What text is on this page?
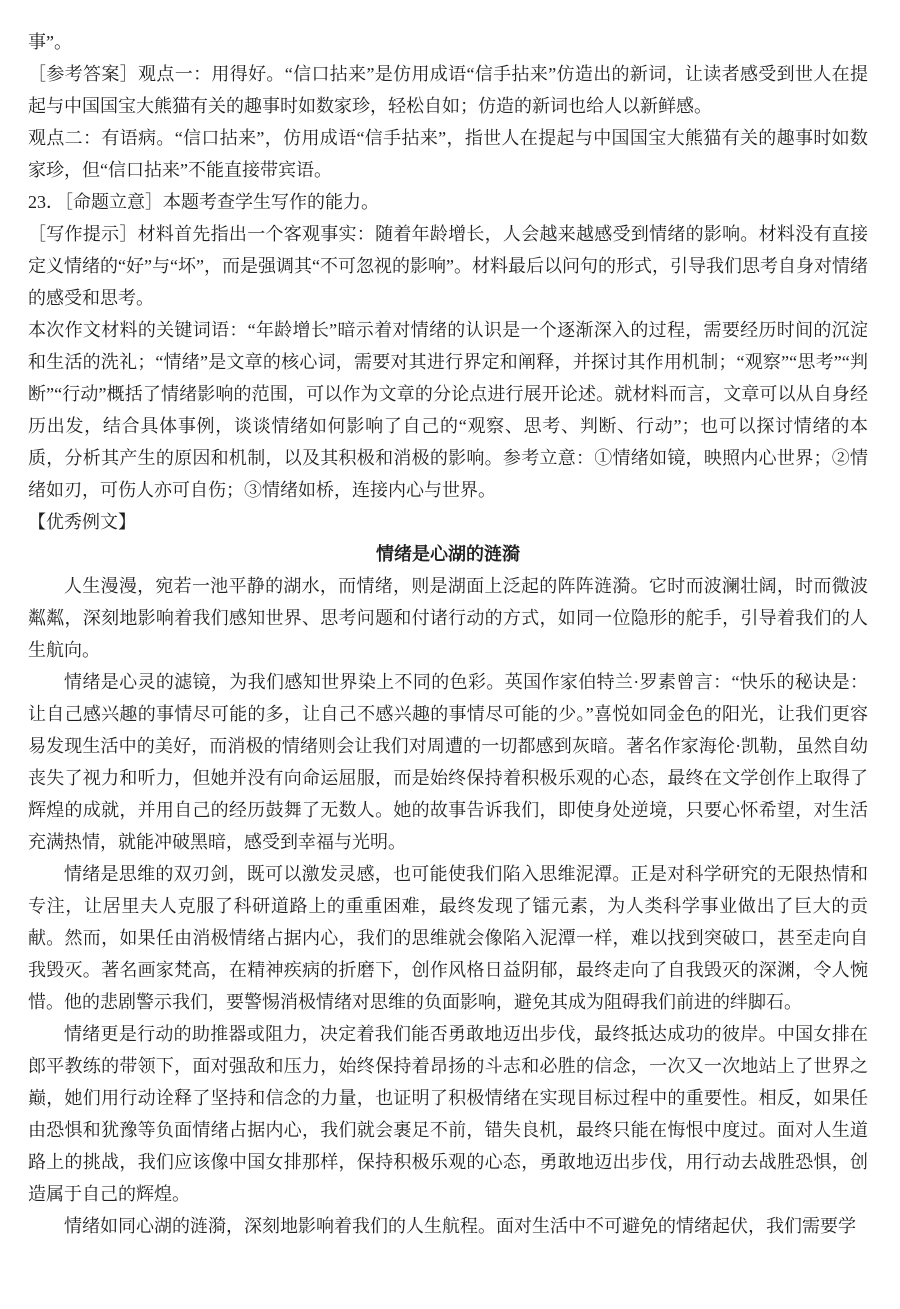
事”。

［参考答案］观点一：用得好。“信口拈来”是仿用成语“信手拈来”仿造出的新词，让读者感受到世人在提起与中国国宝大熊猫有关的趣事时如数家珍，轻松自如；仿造的新词也给人以新鲜感。

观点二：有语病。“信口拈来”，仿用成语“信手拈来”，指世人在提起与中国国宝大熊猫有关的趣事时如数家珍，但“信口拈来”不能直接带宾语。

23．［命题立意］本题考查学生写作的能力。

［写作提示］材料首先指出一个客观事实：随着年龄增长，人会越来越感受到情绪的影响。材料没有直接定义情绪的“好”与“坏”，而是强调其“不可忽视的影响”。材料最后以问句的形式，引导我们思考自身对情绪的感受和思考。

本次作文材料的关键词语：“年龄增长”暗示着对情绪的认识是一个逐渐深入的过程，需要经历时间的沉淀和生活的洗礼；“情绪”是文章的核心词，需要对其进行界定和阐释，并探讨其作用机制；“观察”“思考”“判断”“行动”概括了情绪影响的范围，可以作为文章的分论点进行展开论述。就材料而言，文章可以从自身经历出发，结合具体事例，谈谈情绪如何影响了自己的“观察、思考、判断、行动”；也可以探讨情绪的本质，分析其产生的原因和机制，以及其积极和消极的影响。参考立意：①情绪如镜，映照内心世界；②情绪如刃，可伤人亦可自伤；③情绪如桥，连接内心与世界。

【优秀例文】

情绪是心湖的涟漪

人生漫漫，宛若一池平静的湖水，而情绪，则是湖面上泛起的阵阵涟漪。它时而波澜壮阔，时而微波粼粼，深刻地影响着我们感知世界、思考问题和付诸行动的方式，如同一位隐形的舵手，引导着我们的人生航向。

情绪是心灵的滤镜，为我们感知世界染上不同的色彩。英国作家伯特兰·罗素曾言：“快乐的秘诀是：让自己感兴趣的事情尽可能的多，让自己不感兴趣的事情尽可能的少。”喜悦如同金色的阳光，让我们更容易发现生活中的美好，而消极的情绪则会让我们对周遭的一切都感到灰暗。著名作家海伦·凯勒，虽然自幼丧失了视力和听力，但她并没有向命运屈服，而是始终保持着积极乐观的心态，最终在文学创作上取得了辉煌的成就，并用自己的经历鼓舞了无数人。她的故事告诉我们，即使身处逆境，只要心怀希望，对生活充满热情，就能冲破黑暗，感受到幸福与光明。

情绪是思维的双刃剑，既可以激发灵感，也可能使我们陷入思维泥潭。正是对科学研究的无限热情和专注，让居里夫人克服了科研道路上的重重困难，最终发现了镭元素，为人类科学事业做出了巨大的贡献。然而，如果任由消极情绪占据内心，我们的思维就会像陷入泥潭一样，难以找到突破口，甚至走向自我毁灭。著名画家梵高，在精神疾病的折磨下，创作风格日益阴郁，最终走向了自我毁灭的深渊，令人惋惜。他的悲剧警示我们，要警惕消极情绪对思维的负面影响，避免其成为阻碍我们前进的绊脚石。

情绪更是行动的助推器或阻力，决定着我们能否勇敢地迈出步伐，最终抵达成功的彼岸。中国女排在郎平教练的带领下，面对强敌和压力，始终保持着昂扬的斗志和必胜的信念，一次又一次地站上了世界之巅，她们用行动诠释了坚持和信念的力量，也证明了积极情绪在实现目标过程中的重要性。相反，如果任由恐惧和犹豫等负面情绪占据内心，我们就会裹足不前，错失良机，最终只能在悔恨中度过。面对人生道路上的挑战，我们应该像中国女排那样，保持积极乐观的心态，勇敢地迈出步伐，用行动去战胜恐惧，创造属于自己的辉煌。

情绪如同心湖的涟漪，深刻地影响着我们的人生航程。面对生活中不可避免的情绪起伏，我们需要学
